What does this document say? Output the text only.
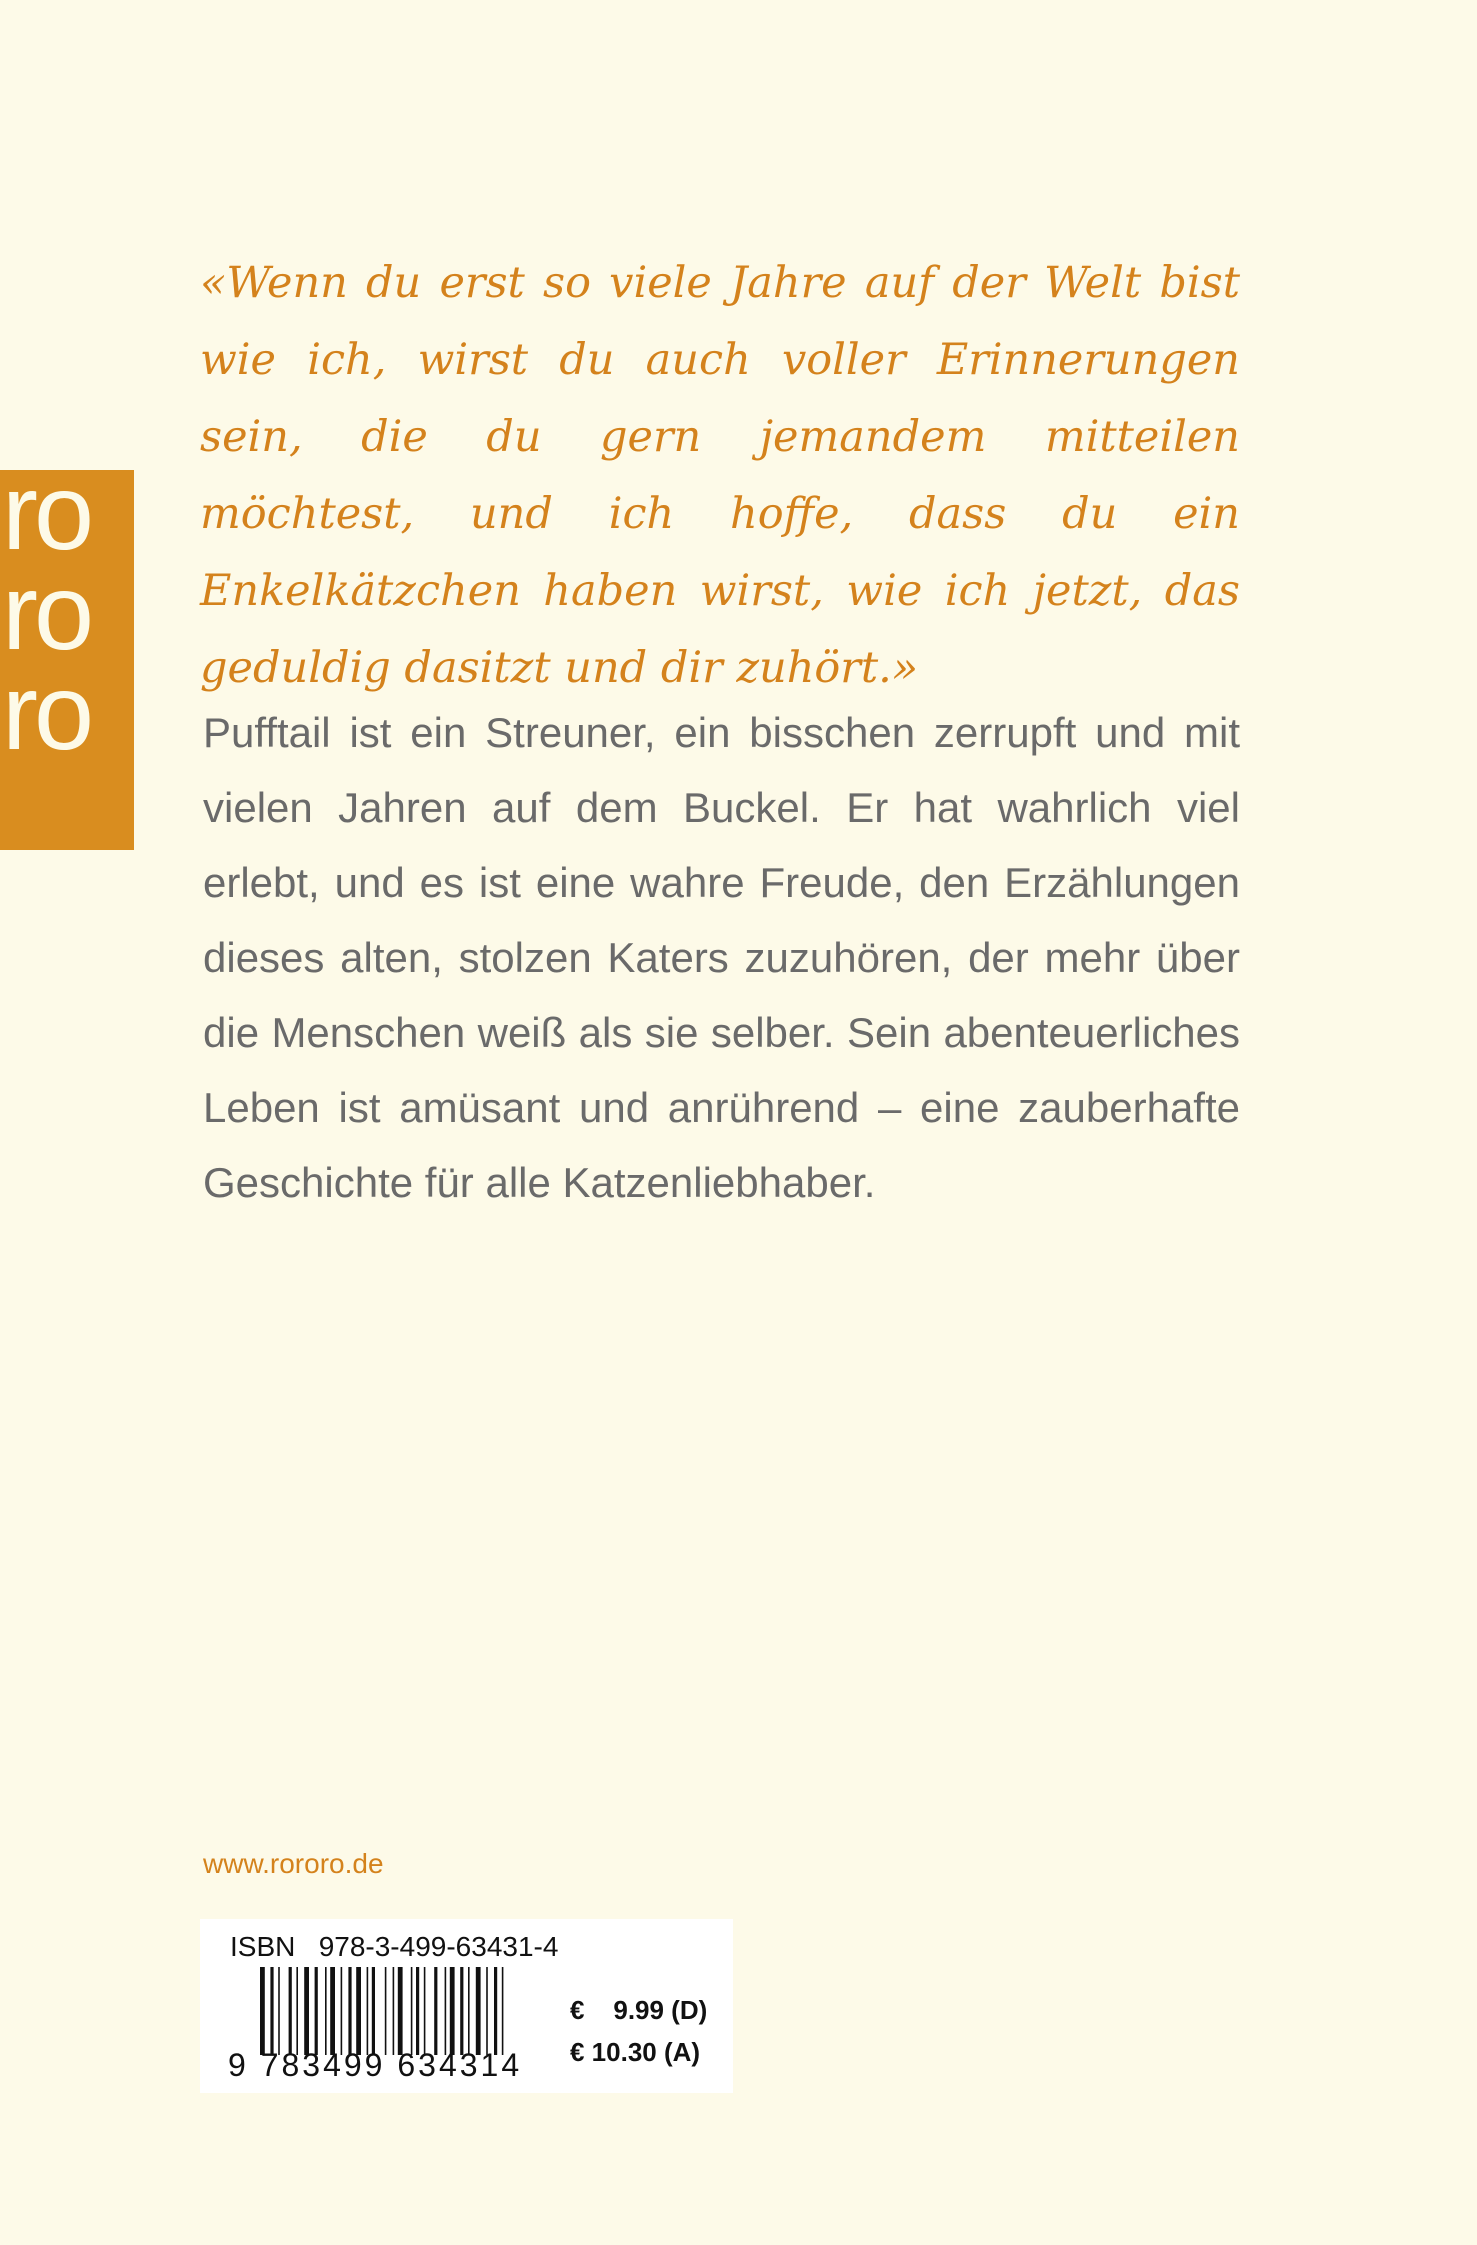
ro
ro
ro

«Wenn du erst so viele Jahre auf der Welt bist wie ich, wirst du auch voller Erinnerungen sein, die du gern jemandem mitteilen möchtest, und ich hoffe, dass du ein Enkelkätzchen haben wirst, wie ich jetzt, das geduldig dasitzt und dir zuhört.»

Pufftail ist ein Streuner, ein bisschen zerrupft und mit vielen Jahren auf dem Buckel. Er hat wahrlich viel erlebt, und es ist eine wahre Freude, den Erzählungen dieses alten, stolzen Katers zuzuhören, der mehr über die Menschen weiß als sie selber. Sein abenteuerliches Leben ist amüsant und anrührend – eine zauberhafte Geschichte für alle Katzenliebhaber.

www.rororo.de
ISBN   978-3-499-63431-4
9 783499 634314
€    9.99 (D)
€ 10.30 (A)
